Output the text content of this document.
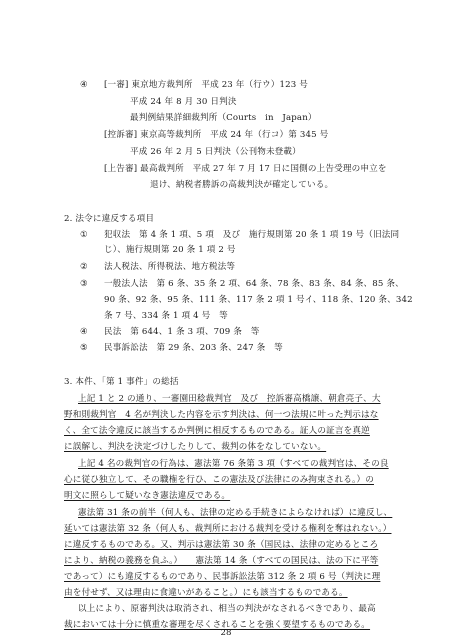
④ [一審] 東京地方裁判所　平成 23 年（行ウ）123 号
平成 24 年 8 月 30 日判決
最判例結果詳細裁判所（Courts　in　Japan）
[控訴審] 東京高等裁判所　平成 24 年（行コ）第 345 号
平成 26 年 2 月 5 日判決（公刊物未登載）
[上告審] 最高裁判所　平成 27 年 7 月 17 日に国側の上告受理の申立を
退け、納税者勝訴の高裁判決が確定している。
2. 法令に違反する項目
① 犯収法　第 4 条 1 項、5 項　及び　施行規則第 20 条 1 項 19 号（旧法同
じ）、施行規則第 20 条 1 項 2 号
② 法人税法、所得税法、地方税法等
③ 一般法人法　第 6 条、35 条 2 項、64 条、78 条、83 条、84 条、85 条、
90 条、92 条、95 条、111 条、117 条 2 項 1 号イ、118 条、120 条、342
条 7 号、334 条 1 項 4 号　等
④ 民法　第 644、1 条 3 項、709 条　等
⑤ 民事訴訟法　第 29 条、203 条、247 条　等
3. 本件、「第 1 事件」の総括
上記 1 と 2 の通り、一審園田稔裁判官　及び　控訴審高橋譲、朝倉亮子、大
野和則裁判官　4 名が判決した内容を示す判決は、何一つ法規に叶った判示はな
く、全て法令違反に該当するか判例に相反するものである。証人の証言を真逆
に誤解し、判決を決定づけしたりして、裁判の体をなしていない。
上記 4 名の裁判官の行為は、憲法第 76 条第 3 項（すべての裁判官は、その良
心に従ひ独立して、その職権を行ひ、この憲法及び法律にのみ拘束される。）の
明文に照らして疑いなき憲法違反である。
憲法第 31 条の前半（何人も、法律の定める手続きによらなければ）に違反し、
延いては憲法第 32 条（何人も、裁判所における裁判を受ける権利を奪はれない。）
に違反するものである。又、判示は憲法第 30 条（国民は、法律の定めるところ
により、納税の義務を負ふ。）　　憲法第 14 条（すべての国民は、法の下に平等
であって）にも違反するものであり、民事訴訟法第 312 条 2 項 6 号（判決に理
由を付せず、又は理由に食違いがあること。）にも該当するものである。
以上により、原審判決は取消され、相当の判決がなされるべきであり、最高
裁においては十分に慎重な審理を尽くされることを強く要望するものである。
28
